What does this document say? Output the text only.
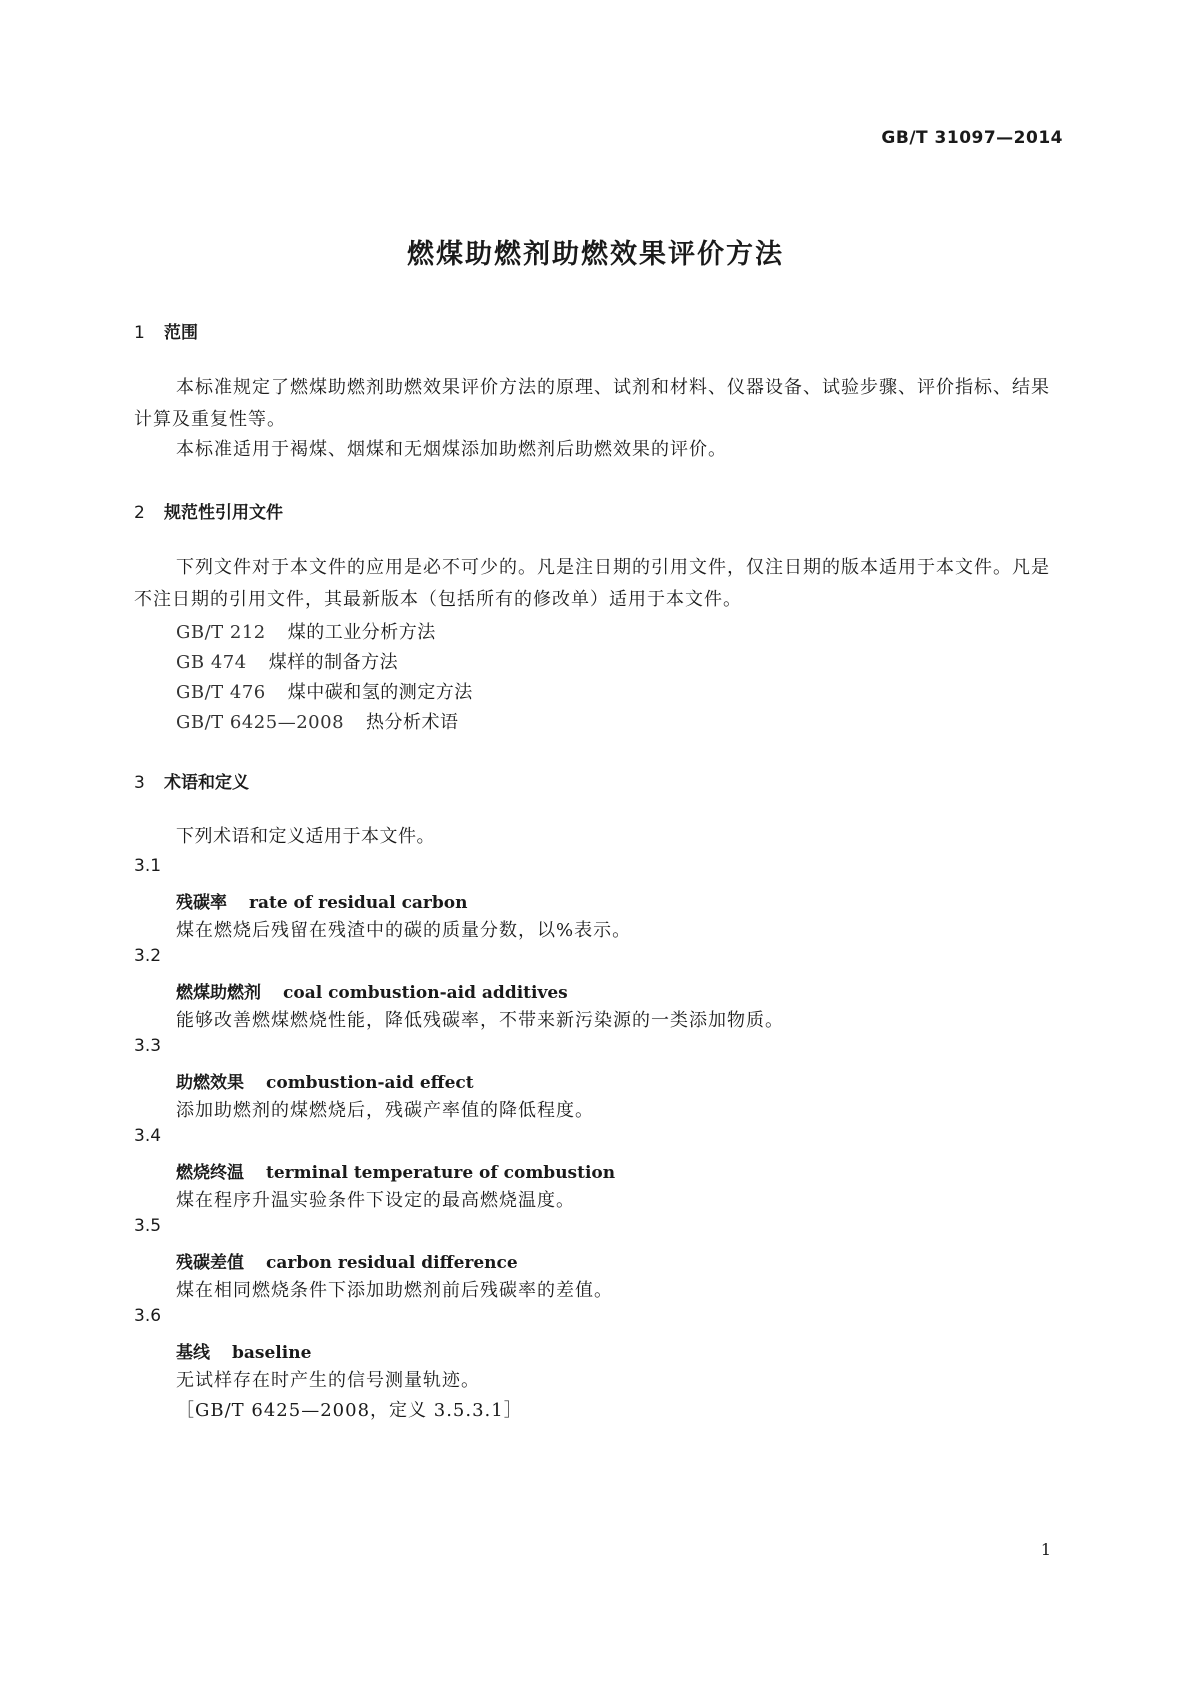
GB/T 31097—2014
燃煤助燃剂助燃效果评价方法
1 范围
本标准规定了燃煤助燃剂助燃效果评价方法的原理、试剂和材料、仪器设备、试验步骤、评价指标、结果计算及重复性等。
本标准适用于褐煤、烟煤和无烟煤添加助燃剂后助燃效果的评价。
2 规范性引用文件
下列文件对于本文件的应用是必不可少的。凡是注日期的引用文件，仅注日期的版本适用于本文件。凡是不注日期的引用文件，其最新版本（包括所有的修改单）适用于本文件。
GB/T 212 煤的工业分析方法
GB 474 煤样的制备方法
GB/T 476 煤中碳和氢的测定方法
GB/T 6425—2008 热分析术语
3 术语和定义
下列术语和定义适用于本文件。
3.1
残碳率 rate of residual carbon
煤在燃烧后残留在残渣中的碳的质量分数，以%表示。
3.2
燃煤助燃剂 coal combustion-aid additives
能够改善燃煤燃烧性能，降低残碳率，不带来新污染源的一类添加物质。
3.3
助燃效果 combustion-aid effect
添加助燃剂的煤燃烧后，残碳产率值的降低程度。
3.4
燃烧终温 terminal temperature of combustion
煤在程序升温实验条件下设定的最高燃烧温度。
3.5
残碳差值 carbon residual difference
煤在相同燃烧条件下添加助燃剂前后残碳率的差值。
3.6
基线 baseline
无试样存在时产生的信号测量轨迹。
［GB/T 6425—2008，定义 3.5.3.1］
1
